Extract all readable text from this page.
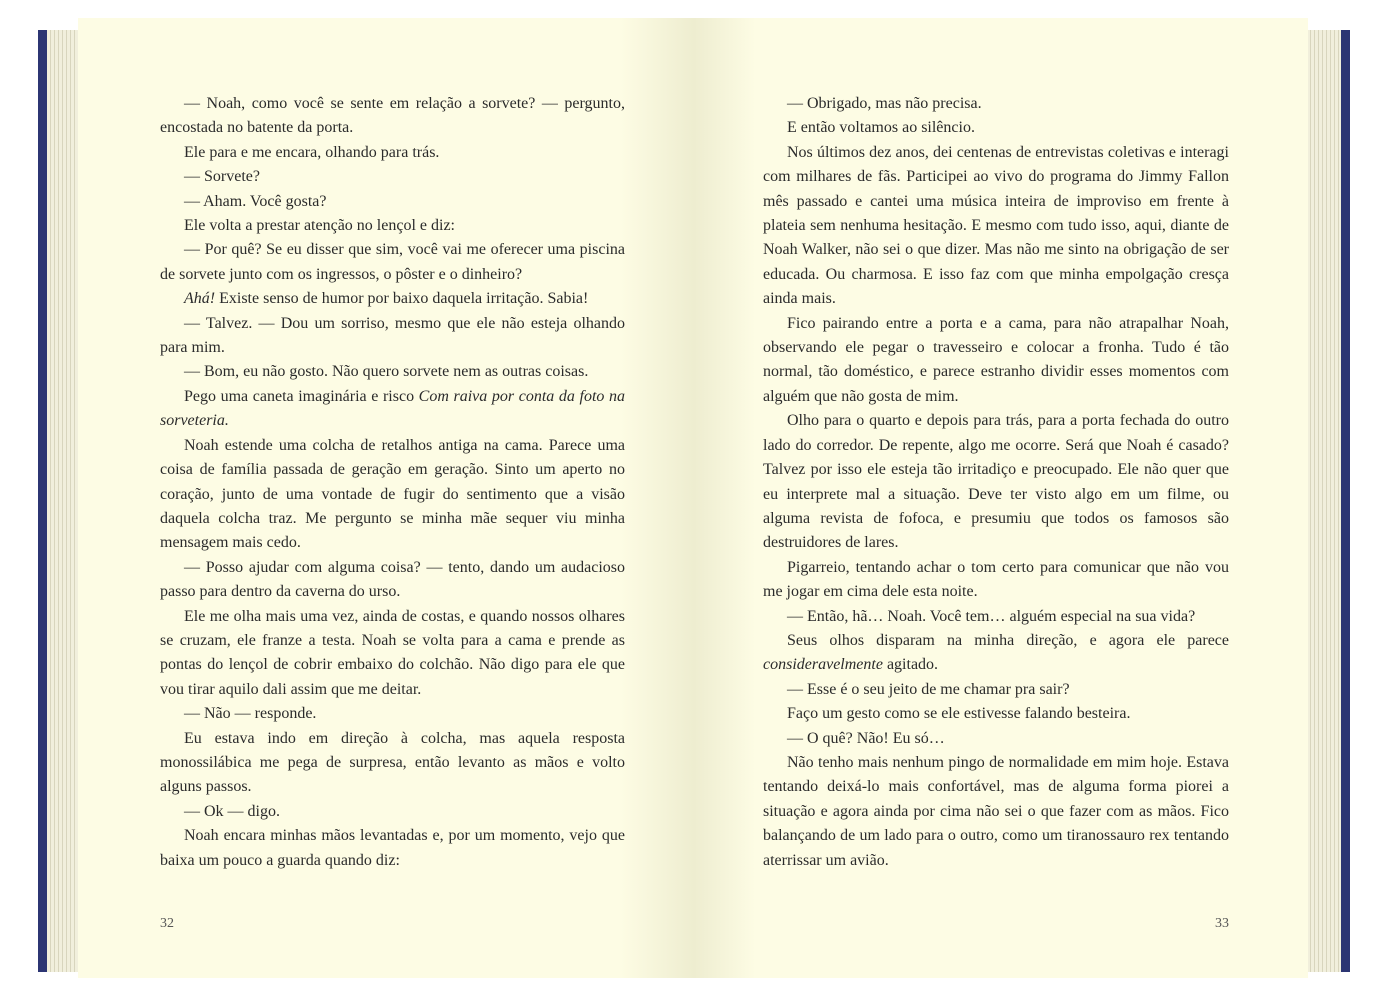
— Noah, como você se sente em relação a sorvete? — pergunto, encostada no batente da porta.

Ele para e me encara, olhando para trás.

— Sorvete?

— Aham. Você gosta?

Ele volta a prestar atenção no lençol e diz:

— Por quê? Se eu disser que sim, você vai me oferecer uma piscina de sorvete junto com os ingressos, o pôster e o dinheiro?

Ahá! Existe senso de humor por baixo daquela irritação. Sabia!

— Talvez. — Dou um sorriso, mesmo que ele não esteja olhando para mim.

— Bom, eu não gosto. Não quero sorvete nem as outras coisas.

Pego uma caneta imaginária e risco Com raiva por conta da foto na sorveteria.

Noah estende uma colcha de retalhos antiga na cama. Parece uma coisa de família passada de geração em geração. Sinto um aperto no coração, junto de uma vontade de fugir do sentimento que a visão daquela colcha traz. Me pergunto se minha mãe sequer viu minha mensagem mais cedo.

— Posso ajudar com alguma coisa? — tento, dando um audacioso passo para dentro da caverna do urso.

Ele me olha mais uma vez, ainda de costas, e quando nossos olhares se cruzam, ele franze a testa. Noah se volta para a cama e prende as pontas do lençol de cobrir embaixo do colchão. Não digo para ele que vou tirar aquilo dali assim que me deitar.

— Não — responde.

Eu estava indo em direção à colcha, mas aquela resposta monossilábica me pega de surpresa, então levanto as mãos e volto alguns passos.

— Ok — digo.

Noah encara minhas mãos levantadas e, por um momento, vejo que baixa um pouco a guarda quando diz:

32

— Obrigado, mas não precisa.

E então voltamos ao silêncio.

Nos últimos dez anos, dei centenas de entrevistas coletivas e interagi com milhares de fãs. Participei ao vivo do programa do Jimmy Fallon mês passado e cantei uma música inteira de improviso em frente à plateia sem nenhuma hesitação. E mesmo com tudo isso, aqui, diante de Noah Walker, não sei o que dizer. Mas não me sinto na obrigação de ser educada. Ou charmosa. E isso faz com que minha empolgação cresça ainda mais.

Fico pairando entre a porta e a cama, para não atrapalhar Noah, observando ele pegar o travesseiro e colocar a fronha. Tudo é tão normal, tão doméstico, e parece estranho dividir esses momentos com alguém que não gosta de mim.

Olho para o quarto e depois para trás, para a porta fechada do outro lado do corredor. De repente, algo me ocorre. Será que Noah é casado? Talvez por isso ele esteja tão irritadiço e preocupado. Ele não quer que eu interprete mal a situação. Deve ter visto algo em um filme, ou alguma revista de fofoca, e presumiu que todos os famosos são destruidores de lares.

Pigarreio, tentando achar o tom certo para comunicar que não vou me jogar em cima dele esta noite.

— Então, hã… Noah. Você tem… alguém especial na sua vida?

Seus olhos disparam na minha direção, e agora ele parece consideravelmente agitado.

— Esse é o seu jeito de me chamar pra sair?

Faço um gesto como se ele estivesse falando besteira.

— O quê? Não! Eu só…

Não tenho mais nenhum pingo de normalidade em mim hoje. Estava tentando deixá-lo mais confortável, mas de alguma forma piorei a situação e agora ainda por cima não sei o que fazer com as mãos. Fico balançando de um lado para o outro, como um tiranossauro rex tentando aterrissar um avião.

33
